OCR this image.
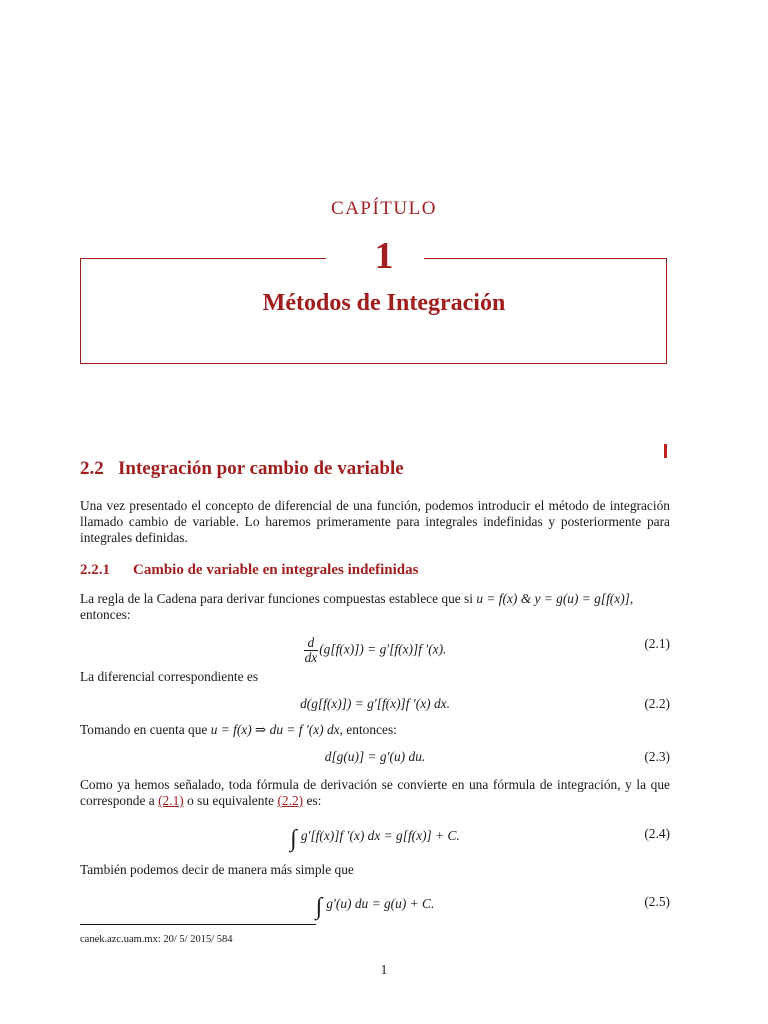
CAPÍTULO
1
Métodos de Integración
2.2 Integración por cambio de variable
Una vez presentado el concepto de diferencial de una función, podemos introducir el método de integración llamado cambio de variable. Lo haremos primeramente para integrales indefinidas y posteriormente para integrales definidas.
2.2.1 Cambio de variable en integrales indefinidas
La regla de la Cadena para derivar funciones compuestas establece que si u = f(x) & y = g(u) = g[f(x)],
entonces:
$\frac{d}{dx} (g[f(x)]) = g'[f(x)]f$ ′(x).	(2.1)
La diferencial correspondiente es
d(g[f(x)]) = g′[f(x)]f ′(x) dx.	(2.2)
Tomando en cuenta que u = f(x) ⇒ du = f ′(x) dx, entonces:
d[g(u)] = g′(u) du.	(2.3)
Como ya hemos señalado, toda fórmula de derivación se convierte en una fórmula de integración, y la que corresponde a (2.1) o su equivalente (2.2) es:
∫ g′[f(x)]f ′(x) dx = g[f(x)] + C.	(2.4)
También podemos decir de manera más simple que
∫ g′(u) du = g(u) + C.	(2.5)
canek.azc.uam.mx: 20/ 5/ 2015/ 584
1
